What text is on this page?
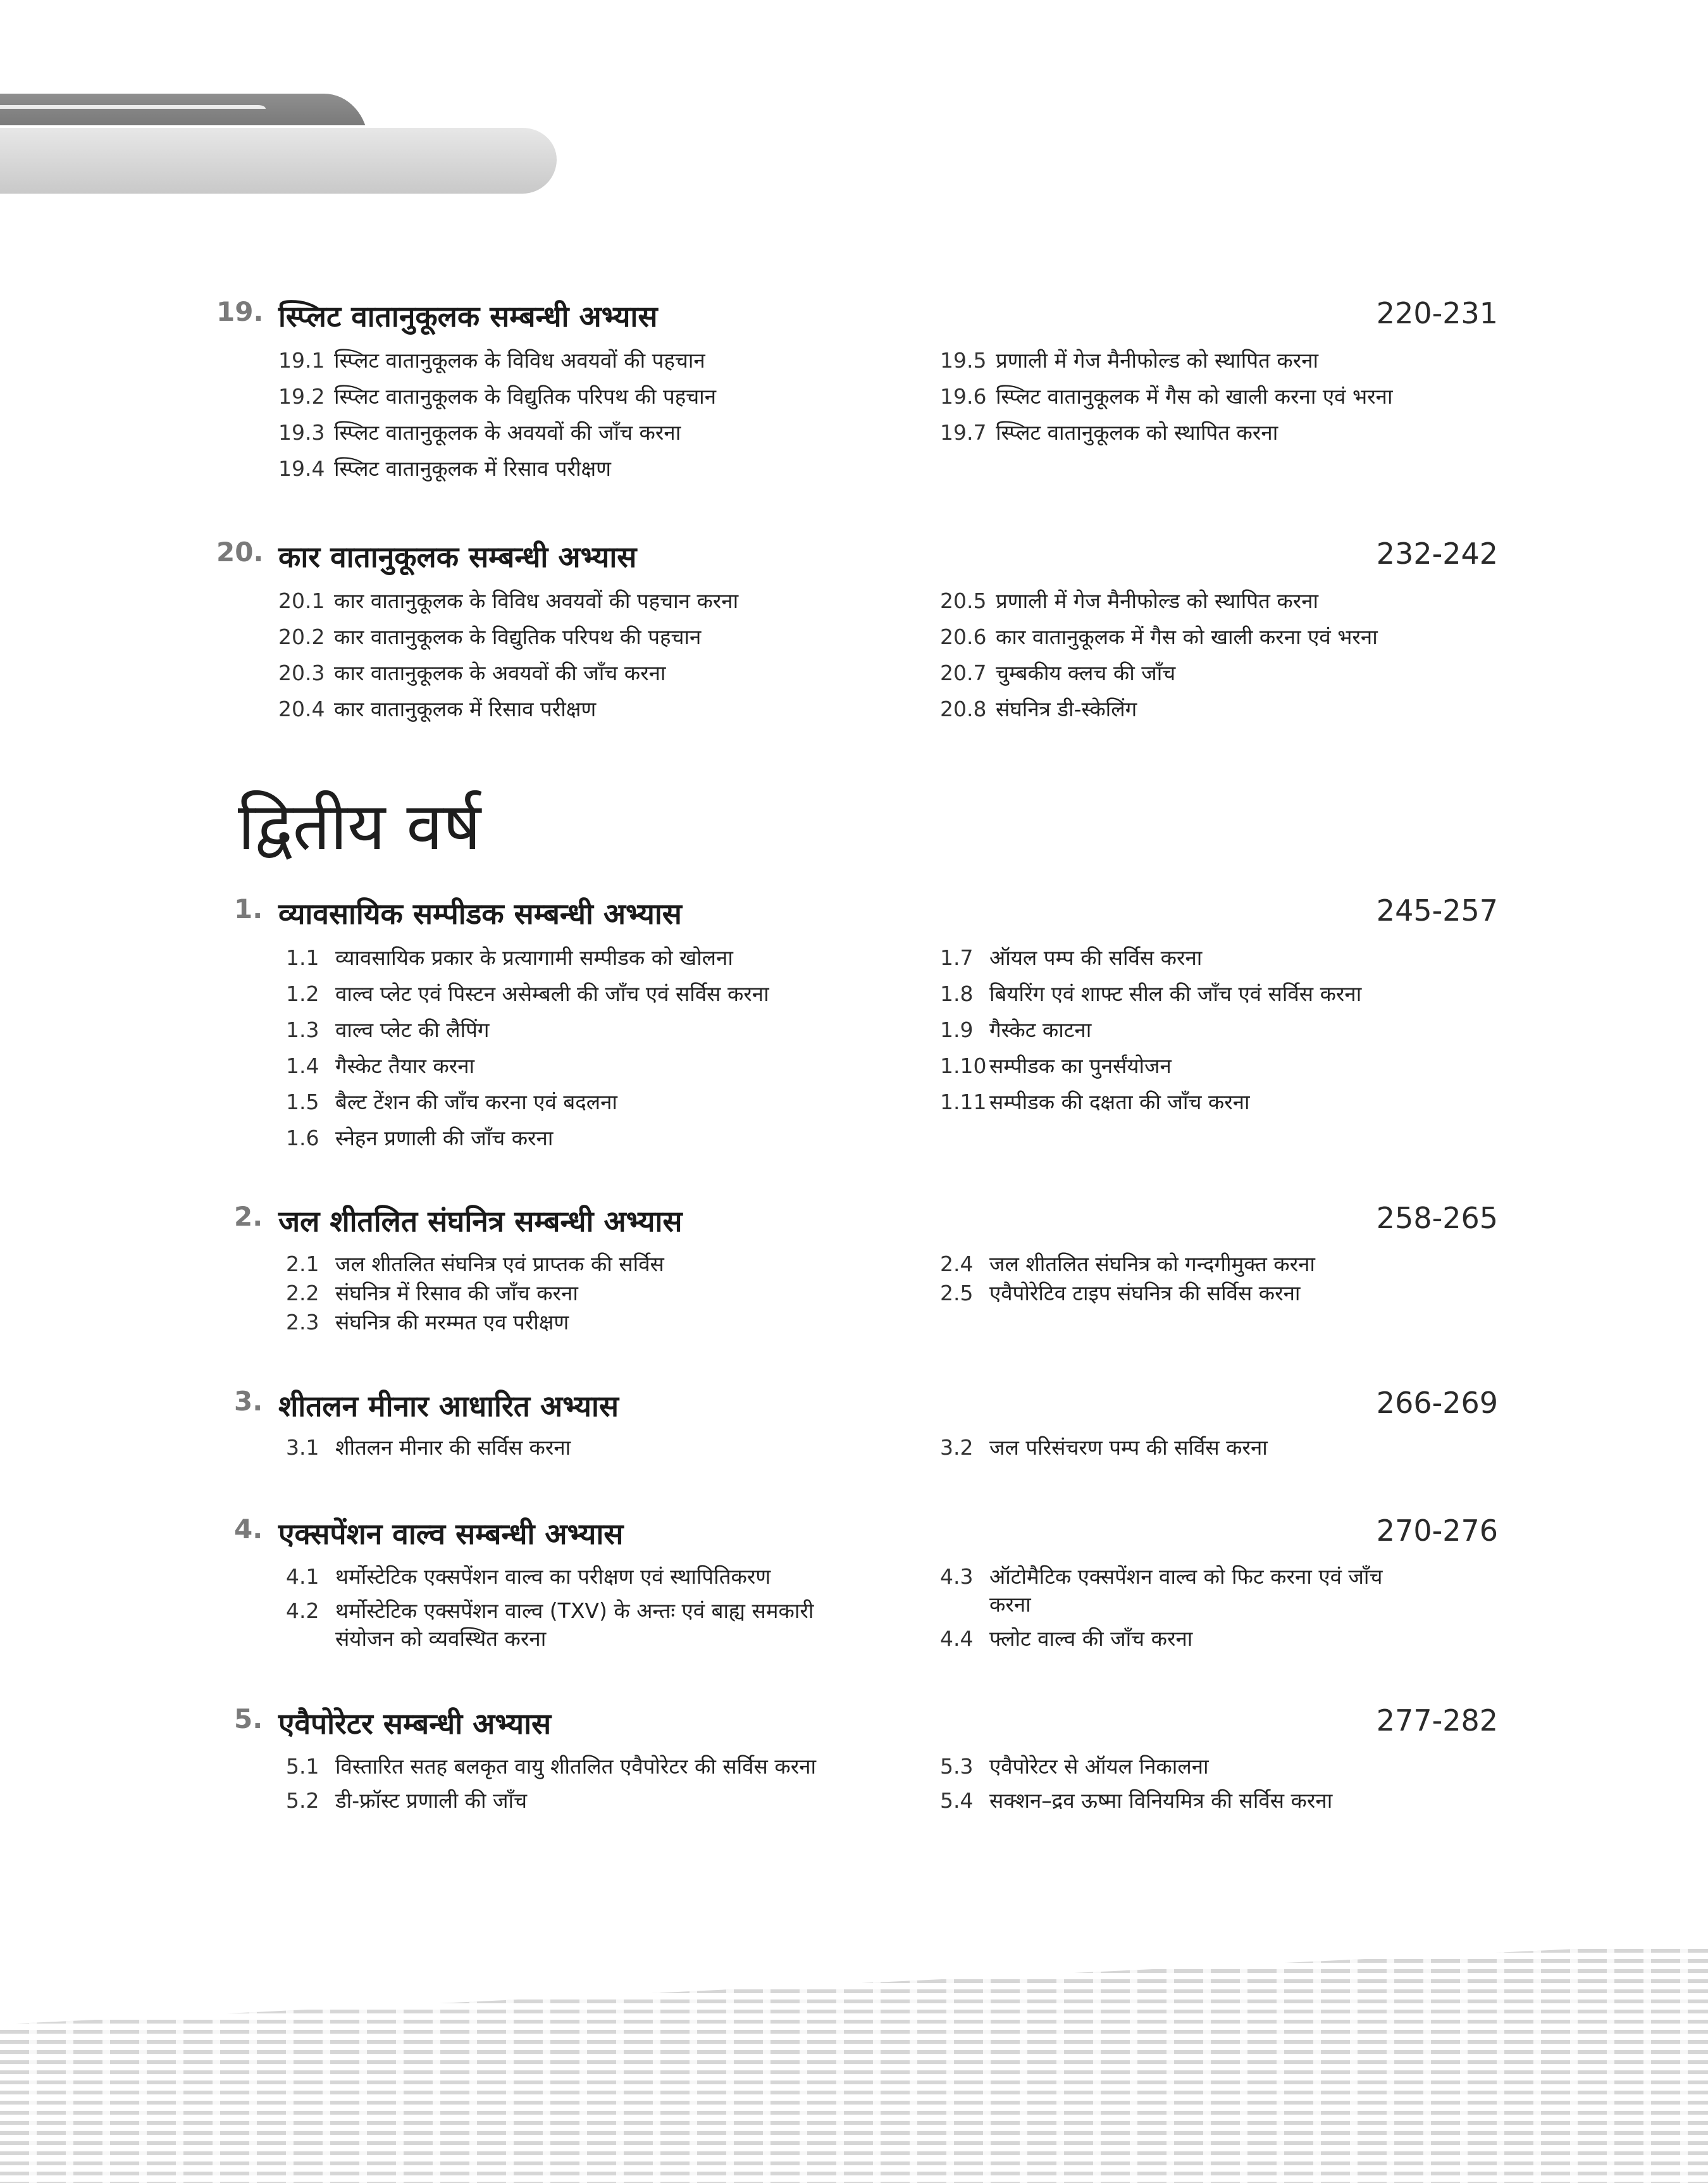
19. स्प्लिट वातानुकूलक सम्बन्धी अभ्यास	220-231
19.1 स्प्लिट वातानुकूलक के विविध अवयवों की पहचान
19.2 स्प्लिट वातानुकूलक के विद्युतिक परिपथ की पहचान
19.3 स्प्लिट वातानुकूलक के अवयवों की जाँच करना
19.4 स्प्लिट वातानुकूलक में रिसाव परीक्षण
19.5 प्रणाली में गेज मैनीफोल्ड को स्थापित करना
19.6 स्प्लिट वातानुकूलक में गैस को खाली करना एवं भरना
19.7 स्प्लिट वातानुकूलक को स्थापित करना
20. कार वातानुकूलक सम्बन्धी अभ्यास	232-242
20.1 कार वातानुकूलक के विविध अवयवों की पहचान करना
20.2 कार वातानुकूलक के विद्युतिक परिपथ की पहचान
20.3 कार वातानुकूलक के अवयवों की जाँच करना
20.4 कार वातानुकूलक में रिसाव परीक्षण
20.5 प्रणाली में गेज मैनीफोल्ड को स्थापित करना
20.6 कार वातानुकूलक में गैस को खाली करना एवं भरना
20.7 चुम्बकीय क्लच की जाँच
20.8 संघनित्र डी-स्केलिंग
द्वितीय वर्ष
1. व्यावसायिक सम्पीडक सम्बन्धी अभ्यास	245-257
1.1 व्यावसायिक प्रकार के प्रत्यागामी सम्पीडक को खोलना
1.2 वाल्व प्लेट एवं पिस्टन असेम्बली की जाँच एवं सर्विस करना
1.3 वाल्व प्लेट की लैपिंग
1.4 गैस्केट तैयार करना
1.5 बैल्ट टेंशन की जाँच करना एवं बदलना
1.6 स्नेहन प्रणाली की जाँच करना
1.7 ऑयल पम्प की सर्विस करना
1.8 बियरिंग एवं शाफ्ट सील की जाँच एवं सर्विस करना
1.9 गैस्केट काटना
1.10 सम्पीडक का पुनर्संयोजन
1.11 सम्पीडक की दक्षता की जाँच करना
2. जल शीतलित संघनित्र सम्बन्धी अभ्यास	258-265
2.1 जल शीतलित संघनित्र एवं प्राप्तक की सर्विस
2.2 संघनित्र में रिसाव की जाँच करना
2.3 संघनित्र की मरम्मत एव परीक्षण
2.4 जल शीतलित संघनित्र को गन्दगीमुक्त करना
2.5 एवैपोरेटिव टाइप संघनित्र की सर्विस करना
3. शीतलन मीनार आधारित अभ्यास	266-269
3.1 शीतलन मीनार की सर्विस करना	3.2 जल परिसंचरण पम्प की सर्विस करना
4. एक्सपेंशन वाल्व सम्बन्धी अभ्यास	270-276
4.1 थर्मोस्टेटिक एक्सपेंशन वाल्व का परीक्षण एवं स्थापितिकरण
4.2 थर्मोस्टेटिक एक्सपेंशन वाल्व (TXV) के अन्तः एवं बाह्य समकारी संयोजन को व्यवस्थित करना
4.3 ऑटोमैटिक एक्सपेंशन वाल्व को फिट करना एवं जाँच करना
4.4 फ्लोट वाल्व की जाँच करना
5. एवैपोरेटर सम्बन्धी अभ्यास	277-282
5.1 विस्तारित सतह बलकृत वायु शीतलित एवैपोरेटर की सर्विस करना
5.2 डी-फ्रॉस्ट प्रणाली की जाँच
5.3 एवैपोरेटर से ऑयल निकालना
5.4 सक्शन–द्रव ऊष्मा विनियमित्र की सर्विस करना
